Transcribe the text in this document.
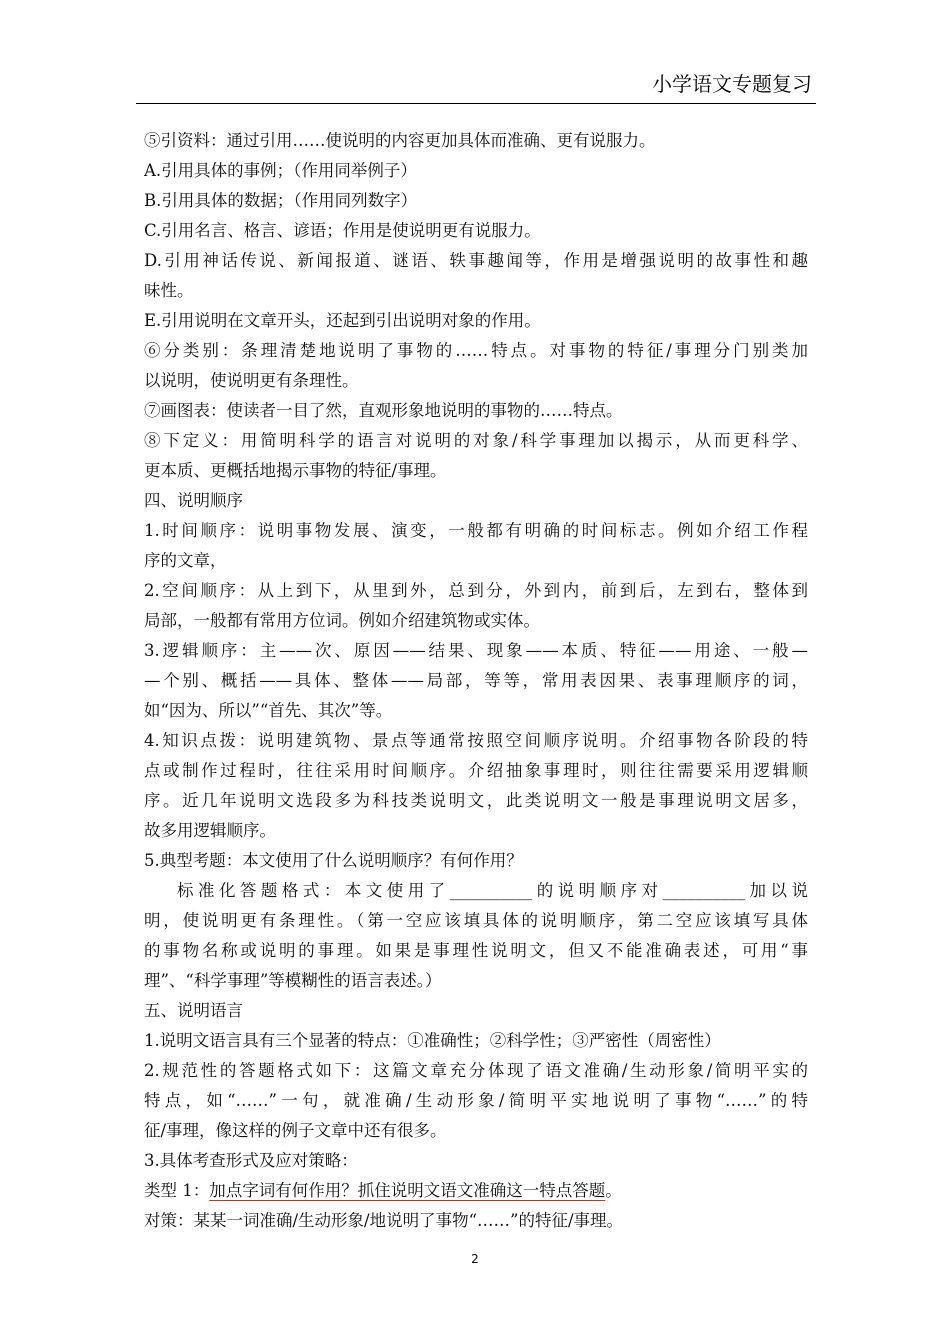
小学语文专题复习
⑤引资料：通过引用……使说明的内容更加具体而准确、更有说服力。
A.引用具体的事例；（作用同举例子）
B.引用具体的数据；（作用同列数字）
C.引用名言、格言、谚语；作用是使说明更有说服力。
D.引用神话传说、新闻报道、谜语、轶事趣闻等，作用是增强说明的故事性和趣
味性。
E.引用说明在文章开头，还起到引出说明对象的作用。
⑥分类别：条理清楚地说明了事物的……特点。对事物的特征/事理分门别类加
以说明，使说明更有条理性。
⑦画图表：使读者一目了然，直观形象地说明的事物的……特点。
⑧下定义：用简明科学的语言对说明的对象/科学事理加以揭示，从而更科学、
更本质、更概括地揭示事物的特征/事理。
四、说明顺序
1.时间顺序：说明事物发展、演变，一般都有明确的时间标志。例如介绍工作程
序的文章，
2.空间顺序：从上到下，从里到外，总到分，外到内，前到后，左到右，整体到
局部，一般都有常用方位词。例如介绍建筑物或实体。
3.逻辑顺序：主——次、原因——结果、现象——本质、特征——用途、一般—
—个别、概括——具体、整体——局部，等等，常用表因果、表事理顺序的词，
如“因为、所以”“首先、其次”等。
4.知识点拨：说明建筑物、景点等通常按照空间顺序说明。介绍事物各阶段的特
点或制作过程时，往往采用时间顺序。介绍抽象事理时，则往往需要采用逻辑顺
序。近几年说明文选段多为科技类说明文，此类说明文一般是事理说明文居多，
故多用逻辑顺序。
5.典型考题：本文使用了什么说明顺序？有何作用？
标准化答题格式：本文使用了__________的说明顺序对__________加以说
明，使说明更有条理性。（第一空应该填具体的说明顺序，第二空应该填写具体
的事物名称或说明的事理。如果是事理性说明文，但又不能准确表述，可用“事
理”、“科学事理”等模糊性的语言表述。）
五、说明语言
1.说明文语言具有三个显著的特点：①准确性；②科学性；③严密性（周密性）
2.规范性的答题格式如下：这篇文章充分体现了语文准确/生动形象/简明平实的
特点，如“……”一句，就准确/生动形象/简明平实地说明了事物“……”的特
征/事理，像这样的例子文章中还有很多。
3.具体考查形式及应对策略：
类型 1：加点字词有何作用？抓住说明文语文准确这一特点答题。
对策：某某一词准确/生动形象/地说明了事物“……”的特征/事理。
2
